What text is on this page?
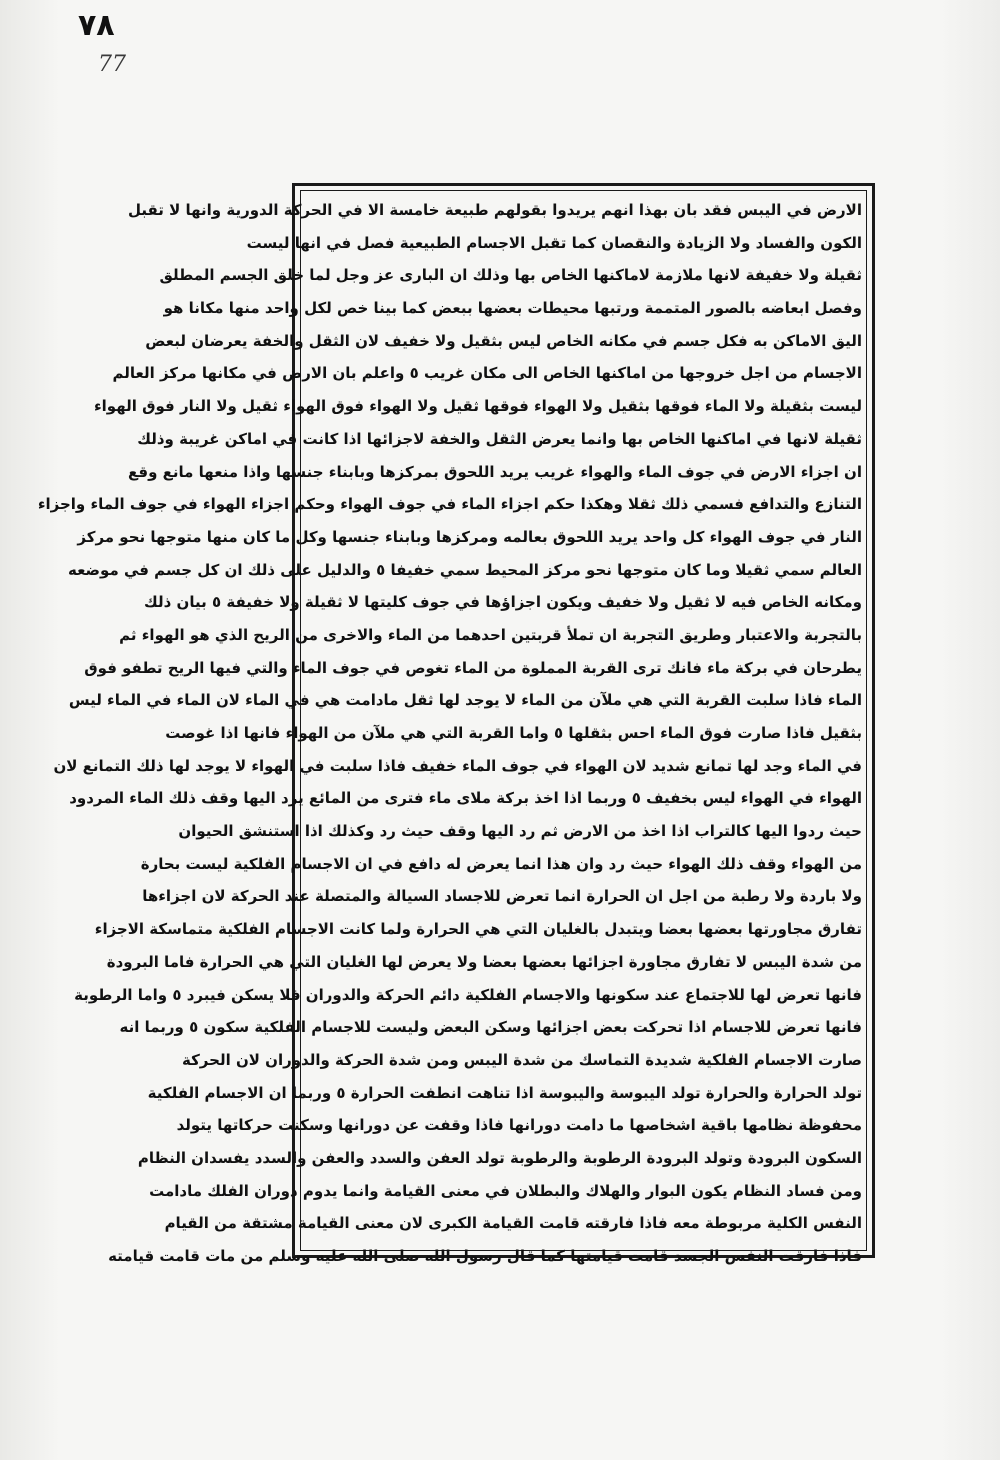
٧٨
77
الارض في اليبس فقد بان بهذا انهم يريدوا بقولهم طبيعة خامسة الا في الحركة الدورية وانها لا تقبل
الكون والفساد ولا الزيادة والنقصان كما تقبل الاجسام الطبيعية فصل في انها ليست
ثقيلة ولا خفيفة لانها ملازمة لاماكنها الخاص بها وذلك ان البارى عز وجل لما خلق الجسم المطلق
وفصل ابعاضه بالصور المتممة ورتبها محيطات بعضها ببعض كما بينا خص لكل واحد منها مكانا هو
اليق الاماكن به فكل جسم في مكانه الخاص ليس بثقيل ولا خفيف لان الثقل والخفة يعرضان لبعض
الاجسام من اجل خروجها من اماكنها الخاص الى مكان غريب ٥ واعلم بان الارض في مكانها مركز العالم
ليست بثقيلة ولا الماء فوقها بثقيل ولا الهواء فوقها ثقيل ولا الهواء فوق الهواء ثقيل ولا النار فوق الهواء
ثقيلة لانها في اماكنها الخاص بها وانما يعرض الثقل والخفة لاجزائها اذا كانت في اماكن غريبة وذلك
ان اجزاء الارض في جوف الماء والهواء غريب يريد اللحوق بمركزها وبابناء جنسها واذا منعها مانع وقع
التنازع والتدافع فسمي ذلك ثقلا وهكذا حكم اجزاء الماء في جوف الهواء وحكم اجزاء الهواء في جوف الماء واجزاء
النار في جوف الهواء كل واحد يريد اللحوق بعالمه ومركزها وبابناء جنسها وكل ما كان منها متوجها نحو مركز
العالم سمي ثقيلا وما كان متوجها نحو مركز المحيط سمي خفيفا ٥ والدليل على ذلك ان كل جسم في موضعه
ومكانه الخاص فيه لا ثقيل ولا خفيف ويكون اجزاؤها في جوف كليتها لا ثقيلة ولا خفيفة ٥ بيان ذلك
بالتجربة والاعتبار وطريق التجربة ان تملأ قربتين احدهما من الماء والاخرى من الريح الذي هو الهواء ثم
يطرحان في بركة ماء فانك ترى القربة المملوة من الماء تغوص في جوف الماء والتي فيها الريح تطفو فوق
الماء فاذا سلبت القربة التي هي ملآن من الماء لا يوجد لها ثقل مادامت هي في الماء لان الماء في الماء ليس
بثقيل فاذا صارت فوق الماء احس بثقلها ٥ واما القربة التي هي ملآن من الهواء فانها اذا غوصت
في الماء وجد لها تمانع شديد لان الهواء في جوف الماء خفيف فاذا سلبت في الهواء لا يوجد لها ذلك التمانع لان
الهواء في الهواء ليس بخفيف ٥ وربما اذا اخذ بركة ملاى ماء فترى من المائع يرد اليها وقف ذلك الماء المردود
حيث ردوا اليها كالتراب اذا اخذ من الارض ثم رد اليها وقف حيث رد وكذلك اذا استنشق الحيوان
من الهواء وقف ذلك الهواء حيث رد وان هذا انما يعرض له دافع في ان الاجسام الفلكية ليست بحارة
ولا باردة ولا رطبة من اجل ان الحرارة انما تعرض للاجساد السيالة والمتصلة عند الحركة لان اجزاءها
تفارق مجاورتها بعضها بعضا ويتبدل بالغليان التي هي الحرارة ولما كانت الاجسام الفلكية متماسكة الاجزاء
من شدة اليبس لا تفارق مجاورة اجزائها بعضها بعضا ولا يعرض لها الغليان التي هي الحرارة فاما البرودة
فانها تعرض لها للاجتماع عند سكونها والاجسام الفلكية دائم الحركة والدوران فلا يسكن فيبرد ٥ واما الرطوبة
فانها تعرض للاجسام اذا تحركت بعض اجزائها وسكن البعض وليست للاجسام الفلكية سكون ٥ وربما انه
صارت الاجسام الفلكية شديدة التماسك من شدة اليبس ومن شدة الحركة والدوران لان الحركة
تولد الحرارة والحرارة تولد اليبوسة واليبوسة اذا تناهت انطفت الحرارة ٥ وربما ان الاجسام الفلكية
محفوظة نظامها باقية اشخاصها ما دامت دورانها فاذا وقفت عن دورانها وسكنت حركاتها يتولد
السكون البرودة وتولد البرودة الرطوبة والرطوبة تولد العفن والسدد والعفن والسدد يفسدان النظام
ومن فساد النظام يكون البوار والهلاك والبطلان في معنى القيامة وانما يدوم دوران الفلك مادامت
النفس الكلية مربوطة معه فاذا فارقته قامت القيامة الكبرى لان معنى القيامة مشتقة من القيام
فاذا فارقت النفس الجسد قامت قيامتها كما قال رسول الله صلى الله عليه وسلم من مات قامت قيامته
